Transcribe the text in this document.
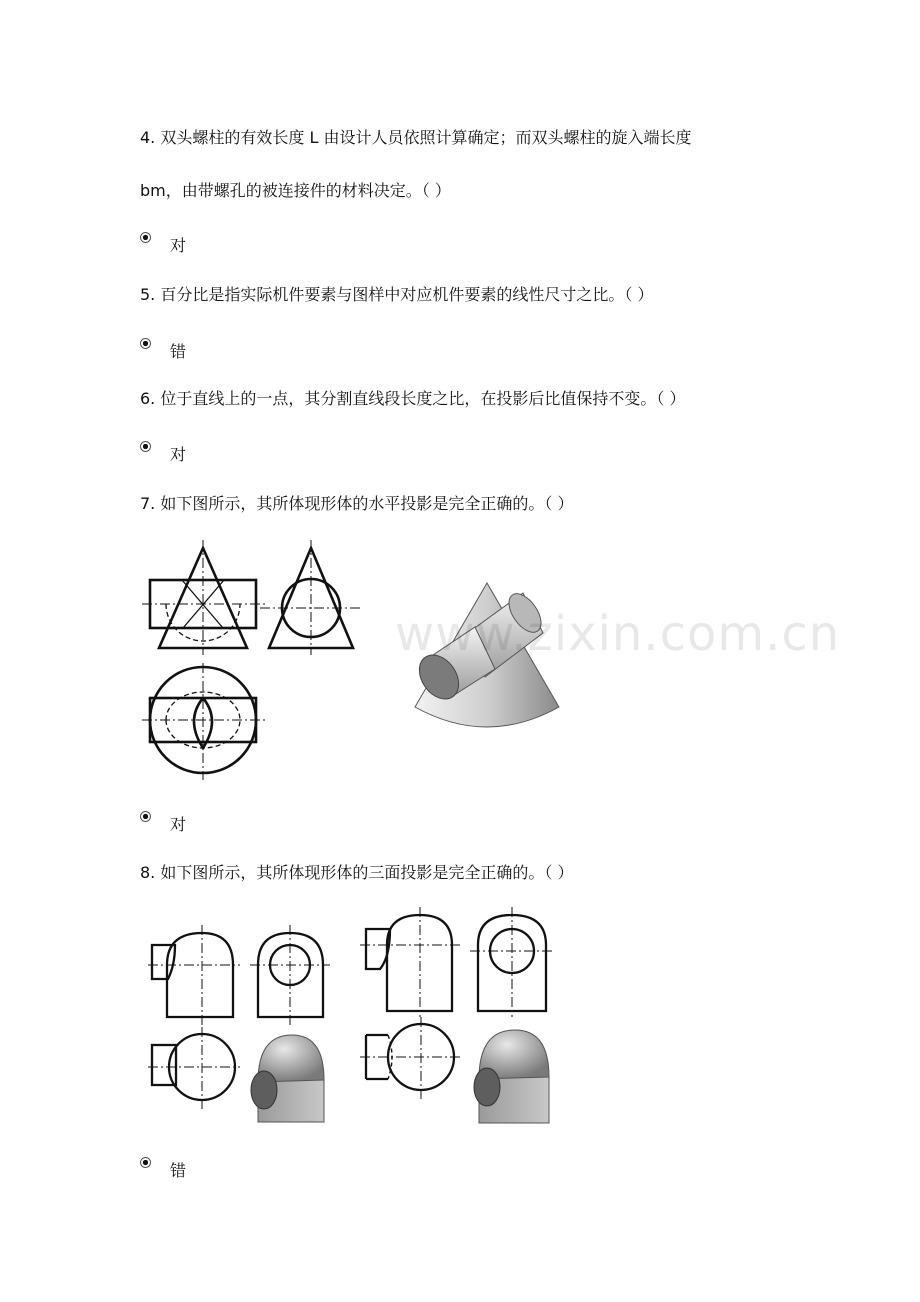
4. 双头螺柱的有效长度 L 由设计人员依照计算确定；而双头螺柱的旋入端长度

bm，由带螺孔的被连接件的材料决定。（ ）

对

5. 百分比是指实际机件要素与图样中对应机件要素的线性尺寸之比。（ ）

错

6. 位于直线上的一点，其分割直线段长度之比，在投影后比值保持不变。（ ）

对

7. 如下图所示，其所体现形体的水平投影是完全正确的。（ ）

www.zixin.com.cn
对

8. 如下图所示，其所体现形体的三面投影是完全正确的。（ ）

错
